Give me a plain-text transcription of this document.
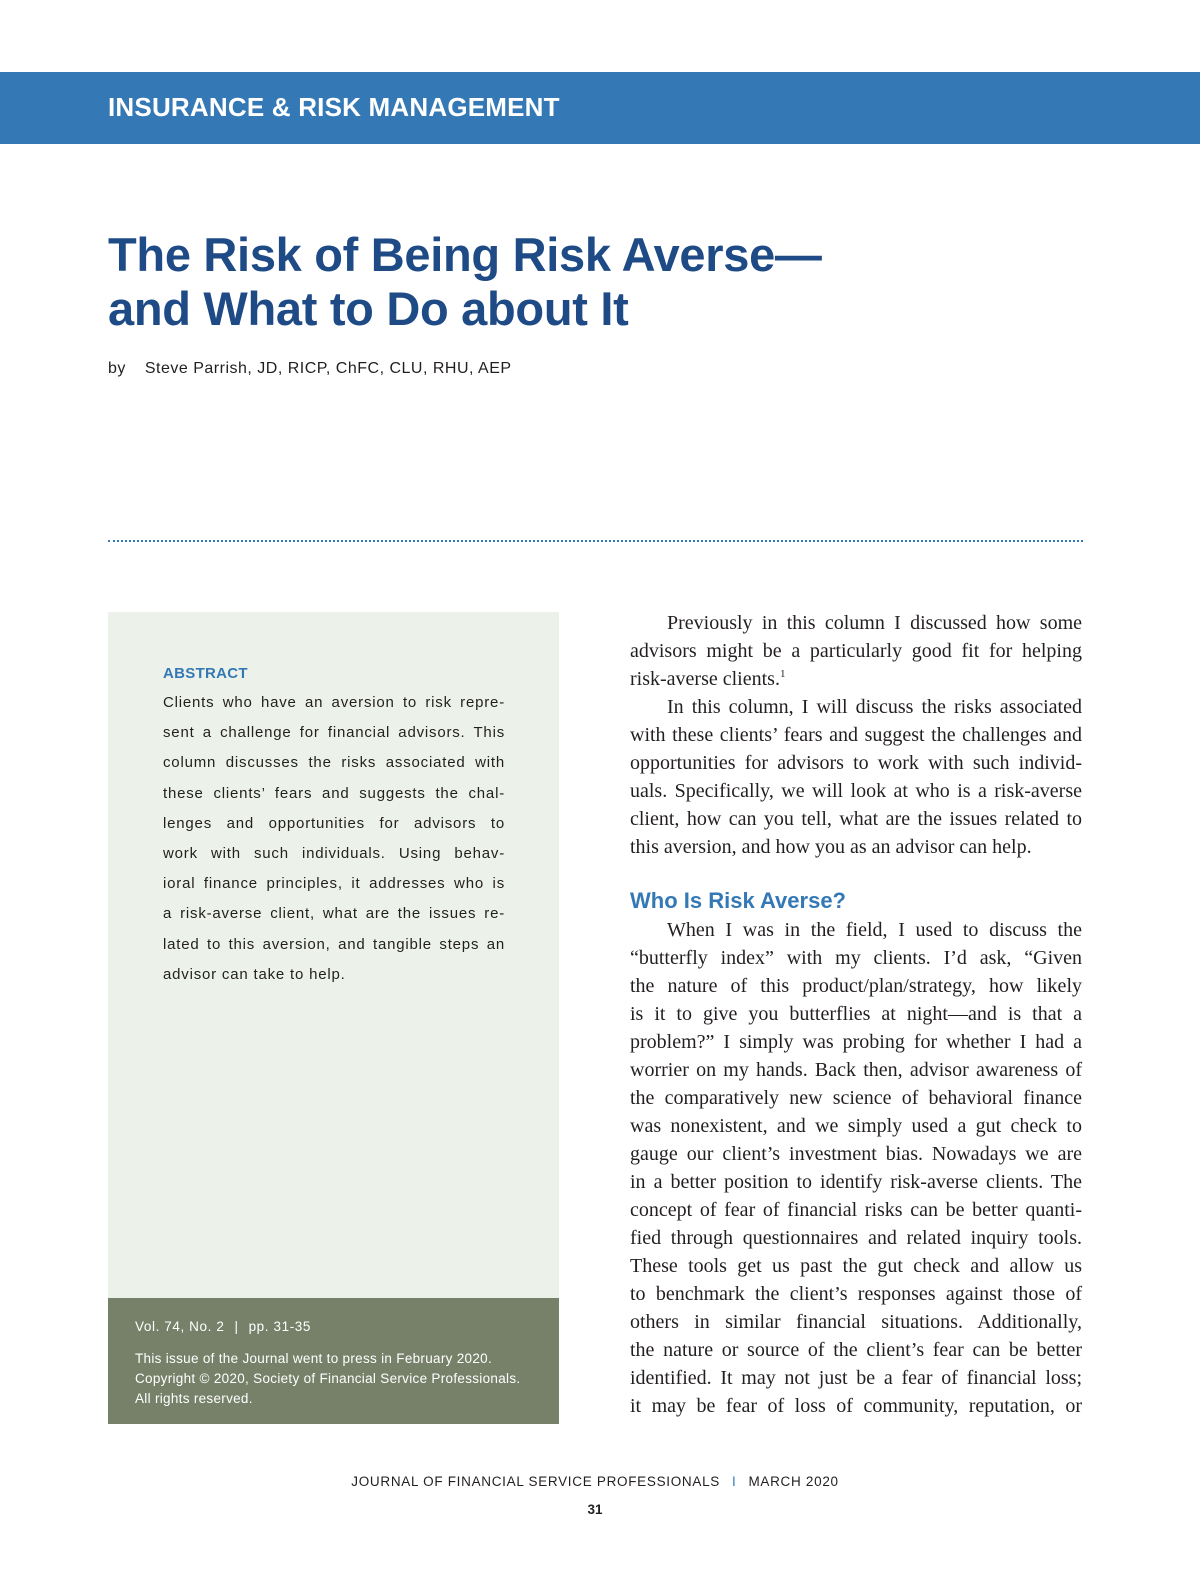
INSURANCE & RISK MANAGEMENT
The Risk of Being Risk Averse—
and What to Do about It
by Steve Parrish, JD, RICP, ChFC, CLU, RHU, AEP
ABSTRACT
Clients who have an aversion to risk repre-
sent a challenge for financial advisors. This
column discusses the risks associated with
these clients’ fears and suggests the chal-
lenges and opportunities for advisors to
work with such individuals. Using behav-
ioral finance principles, it addresses who is
a risk-averse client, what are the issues re-
lated to this aversion, and tangible steps an
advisor can take to help.
Vol. 74, No. 2 | pp. 31-35
This issue of the Journal went to press in February 2020.
Copyright © 2020, Society of Financial Service Professionals.
All rights reserved.
Previously in this column I discussed how some
advisors might be a particularly good fit for helping
risk-averse clients.$^1$
In this column, I will discuss the risks associated
with these clients’ fears and suggest the challenges and
opportunities for advisors to work with such individ-
uals. Specifically, we will look at who is a risk-averse
client, how can you tell, what are the issues related to
this aversion, and how you as an advisor can help.
Who Is Risk Averse?
When I was in the field, I used to discuss the
“butterfly index” with my clients. I’d ask, “Given
the nature of this product/plan/strategy, how likely
is it to give you butterflies at night—and is that a
problem?” I simply was probing for whether I had a
worrier on my hands. Back then, advisor awareness of
the comparatively new science of behavioral finance
was nonexistent, and we simply used a gut check to
gauge our client’s investment bias. Nowadays we are
in a better position to identify risk-averse clients. The
concept of fear of financial risks can be better quanti-
fied through questionnaires and related inquiry tools.
These tools get us past the gut check and allow us
to benchmark the client’s responses against those of
others in similar financial situations. Additionally,
the nature or source of the client’s fear can be better
identified. It may not just be a fear of financial loss;
it may be fear of loss of community, reputation, or
JOURNAL OF FINANCIAL SERVICE PROFESSIONALS I MARCH 2020
31
